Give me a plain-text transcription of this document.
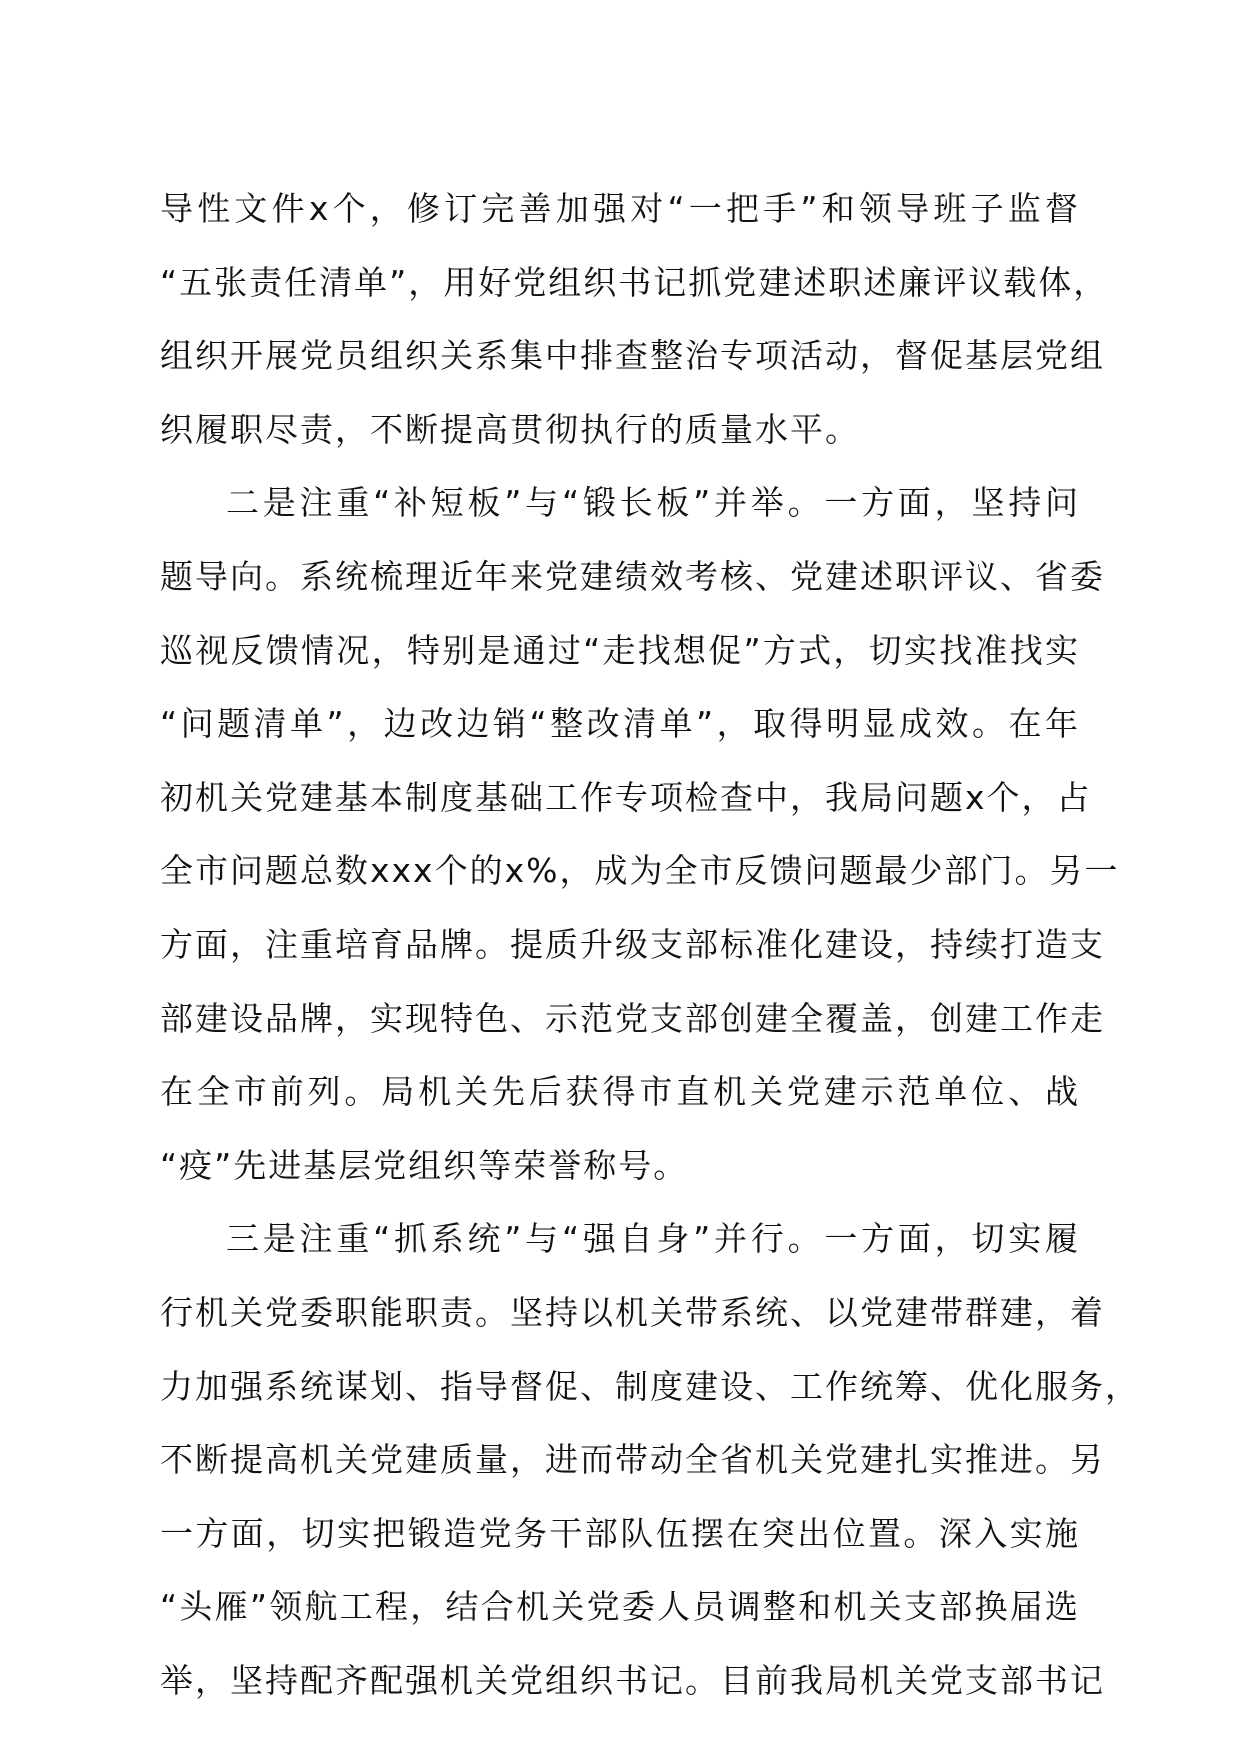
导性文件x个，修订完善加强对“一把手”和领导班子监督
“五张责任清单”，用好党组织书记抓党建述职述廉评议载体，
组织开展党员组织关系集中排查整治专项活动，督促基层党组
织履职尽责，不断提高贯彻执行的质量水平。
二是注重“补短板”与“锻长板”并举。一方面，坚持问
题导向。系统梳理近年来党建绩效考核、党建述职评议、省委
巡视反馈情况，特别是通过“走找想促”方式，切实找准找实
“问题清单”，边改边销“整改清单”，取得明显成效。在年
初机关党建基本制度基础工作专项检查中，我局问题x个，占
全市问题总数xxx个的x%，成为全市反馈问题最少部门。另一
方面，注重培育品牌。提质升级支部标准化建设，持续打造支
部建设品牌，实现特色、示范党支部创建全覆盖，创建工作走
在全市前列。局机关先后获得市直机关党建示范单位、战
“疫”先进基层党组织等荣誉称号。
三是注重“抓系统”与“强自身”并行。一方面，切实履
行机关党委职能职责。坚持以机关带系统、以党建带群建，着
力加强系统谋划、指导督促、制度建设、工作统筹、优化服务，
不断提高机关党建质量，进而带动全省机关党建扎实推进。另
一方面，切实把锻造党务干部队伍摆在突出位置。深入实施
“头雁”领航工程，结合机关党委人员调整和机关支部换届选
举，坚持配齐配强机关党组织书记。目前我局机关党支部书记
